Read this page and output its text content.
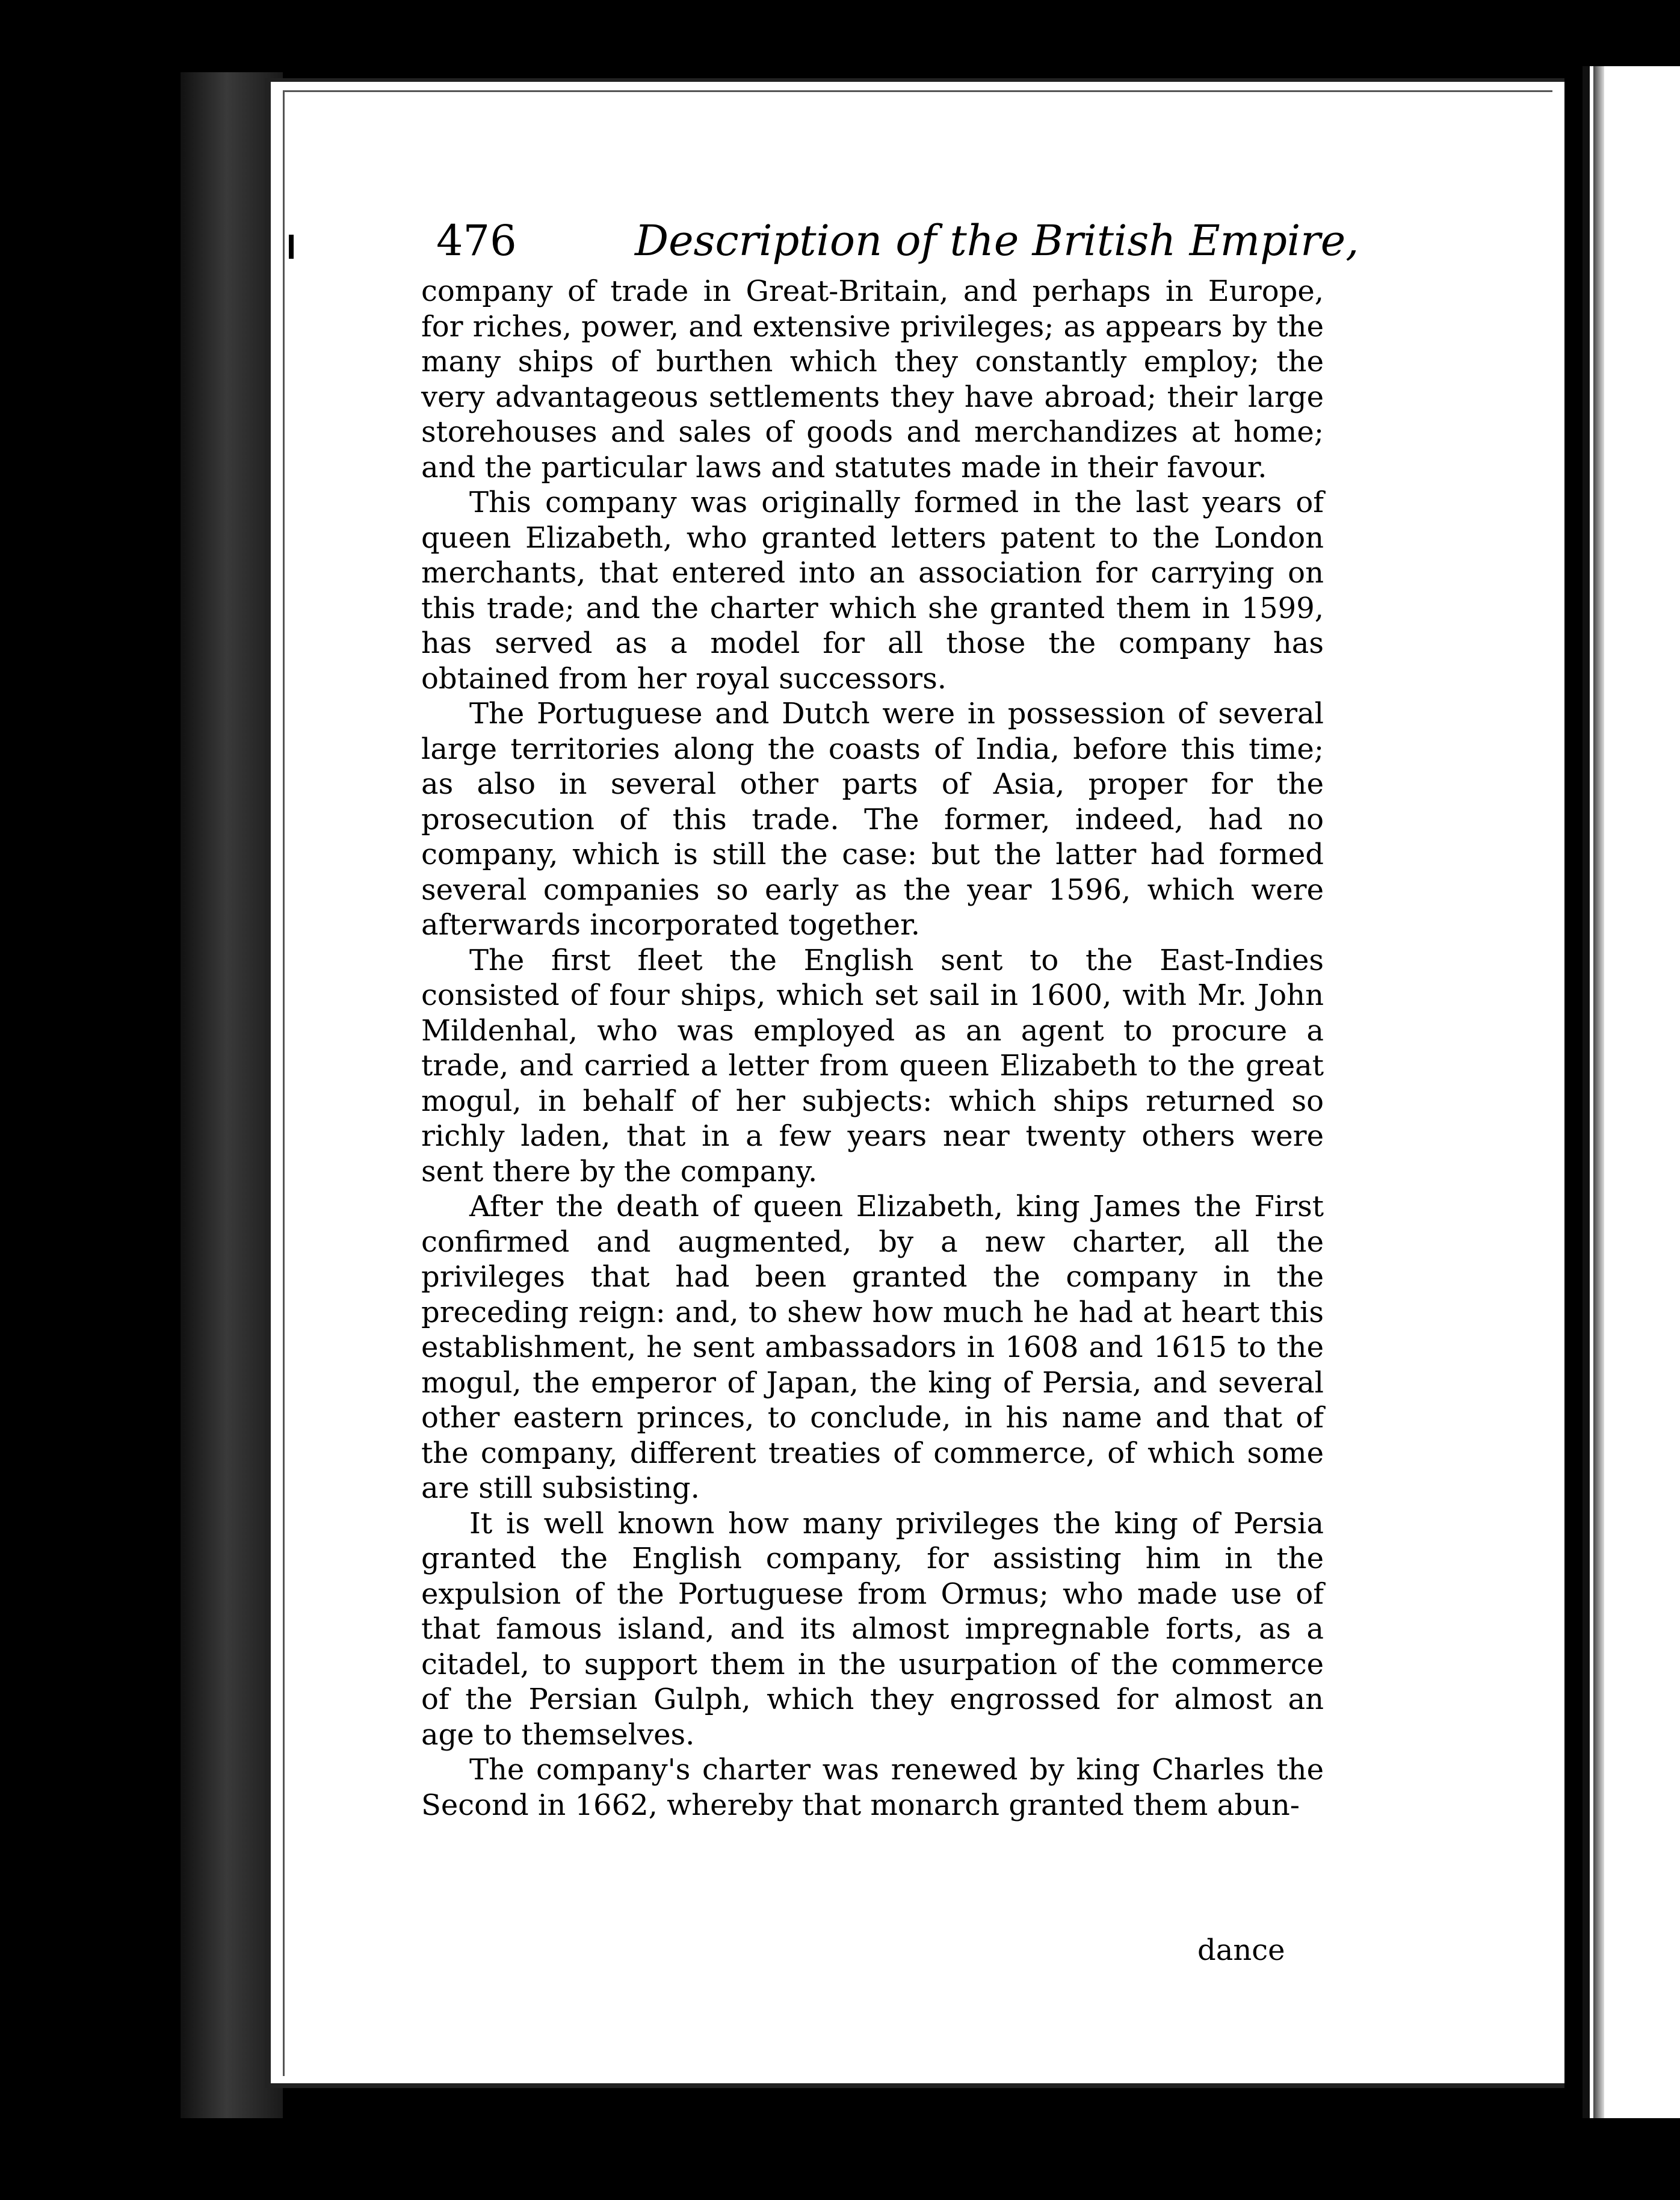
476	Description of the British Empire,

company of trade in Great-Britain, and perhaps in Europe, for riches, power, and extensive privileges; as appears by the many ships of burthen which they constantly employ; the very advantageous settlements they have abroad; their large storehouses and sales of goods and merchandizes at home; and the particular laws and statutes made in their favour.

This company was originally formed in the last years of queen Elizabeth, who granted letters patent to the London merchants, that entered into an association for carrying on this trade; and the charter which she granted them in 1599, has served as a model for all those the company has obtained from her royal successors.

The Portuguese and Dutch were in possession of several large territories along the coasts of India, before this time; as also in several other parts of Asia, proper for the prosecution of this trade. The former, indeed, had no company, which is still the case: but the latter had formed several companies so early as the year 1596, which were afterwards incorporated together.

The first fleet the English sent to the East-Indies consisted of four ships, which set sail in 1600, with Mr. John Mildenhal, who was employed as an agent to procure a trade, and carried a letter from queen Elizabeth to the great mogul, in behalf of her subjects: which ships returned so richly laden, that in a few years near twenty others were sent there by the company.

After the death of queen Elizabeth, king James the First confirmed and augmented, by a new charter, all the privileges that had been granted the company in the preceding reign: and, to shew how much he had at heart this establishment, he sent ambassadors in 1608 and 1615 to the mogul, the emperor of Japan, the king of Persia, and several other eastern princes, to conclude, in his name and that of the company, different treaties of commerce, of which some are still subsisting.

It is well known how many privileges the king of Persia granted the English company, for assisting him in the expulsion of the Portuguese from Ormus; who made use of that famous island, and its almost impregnable forts, as a citadel, to support them in the usurpation of the commerce of the Persian Gulph, which they engrossed for almost an age to themselves.

The company's charter was renewed by king Charles the Second in 1662, whereby that monarch granted them abun-

dance
